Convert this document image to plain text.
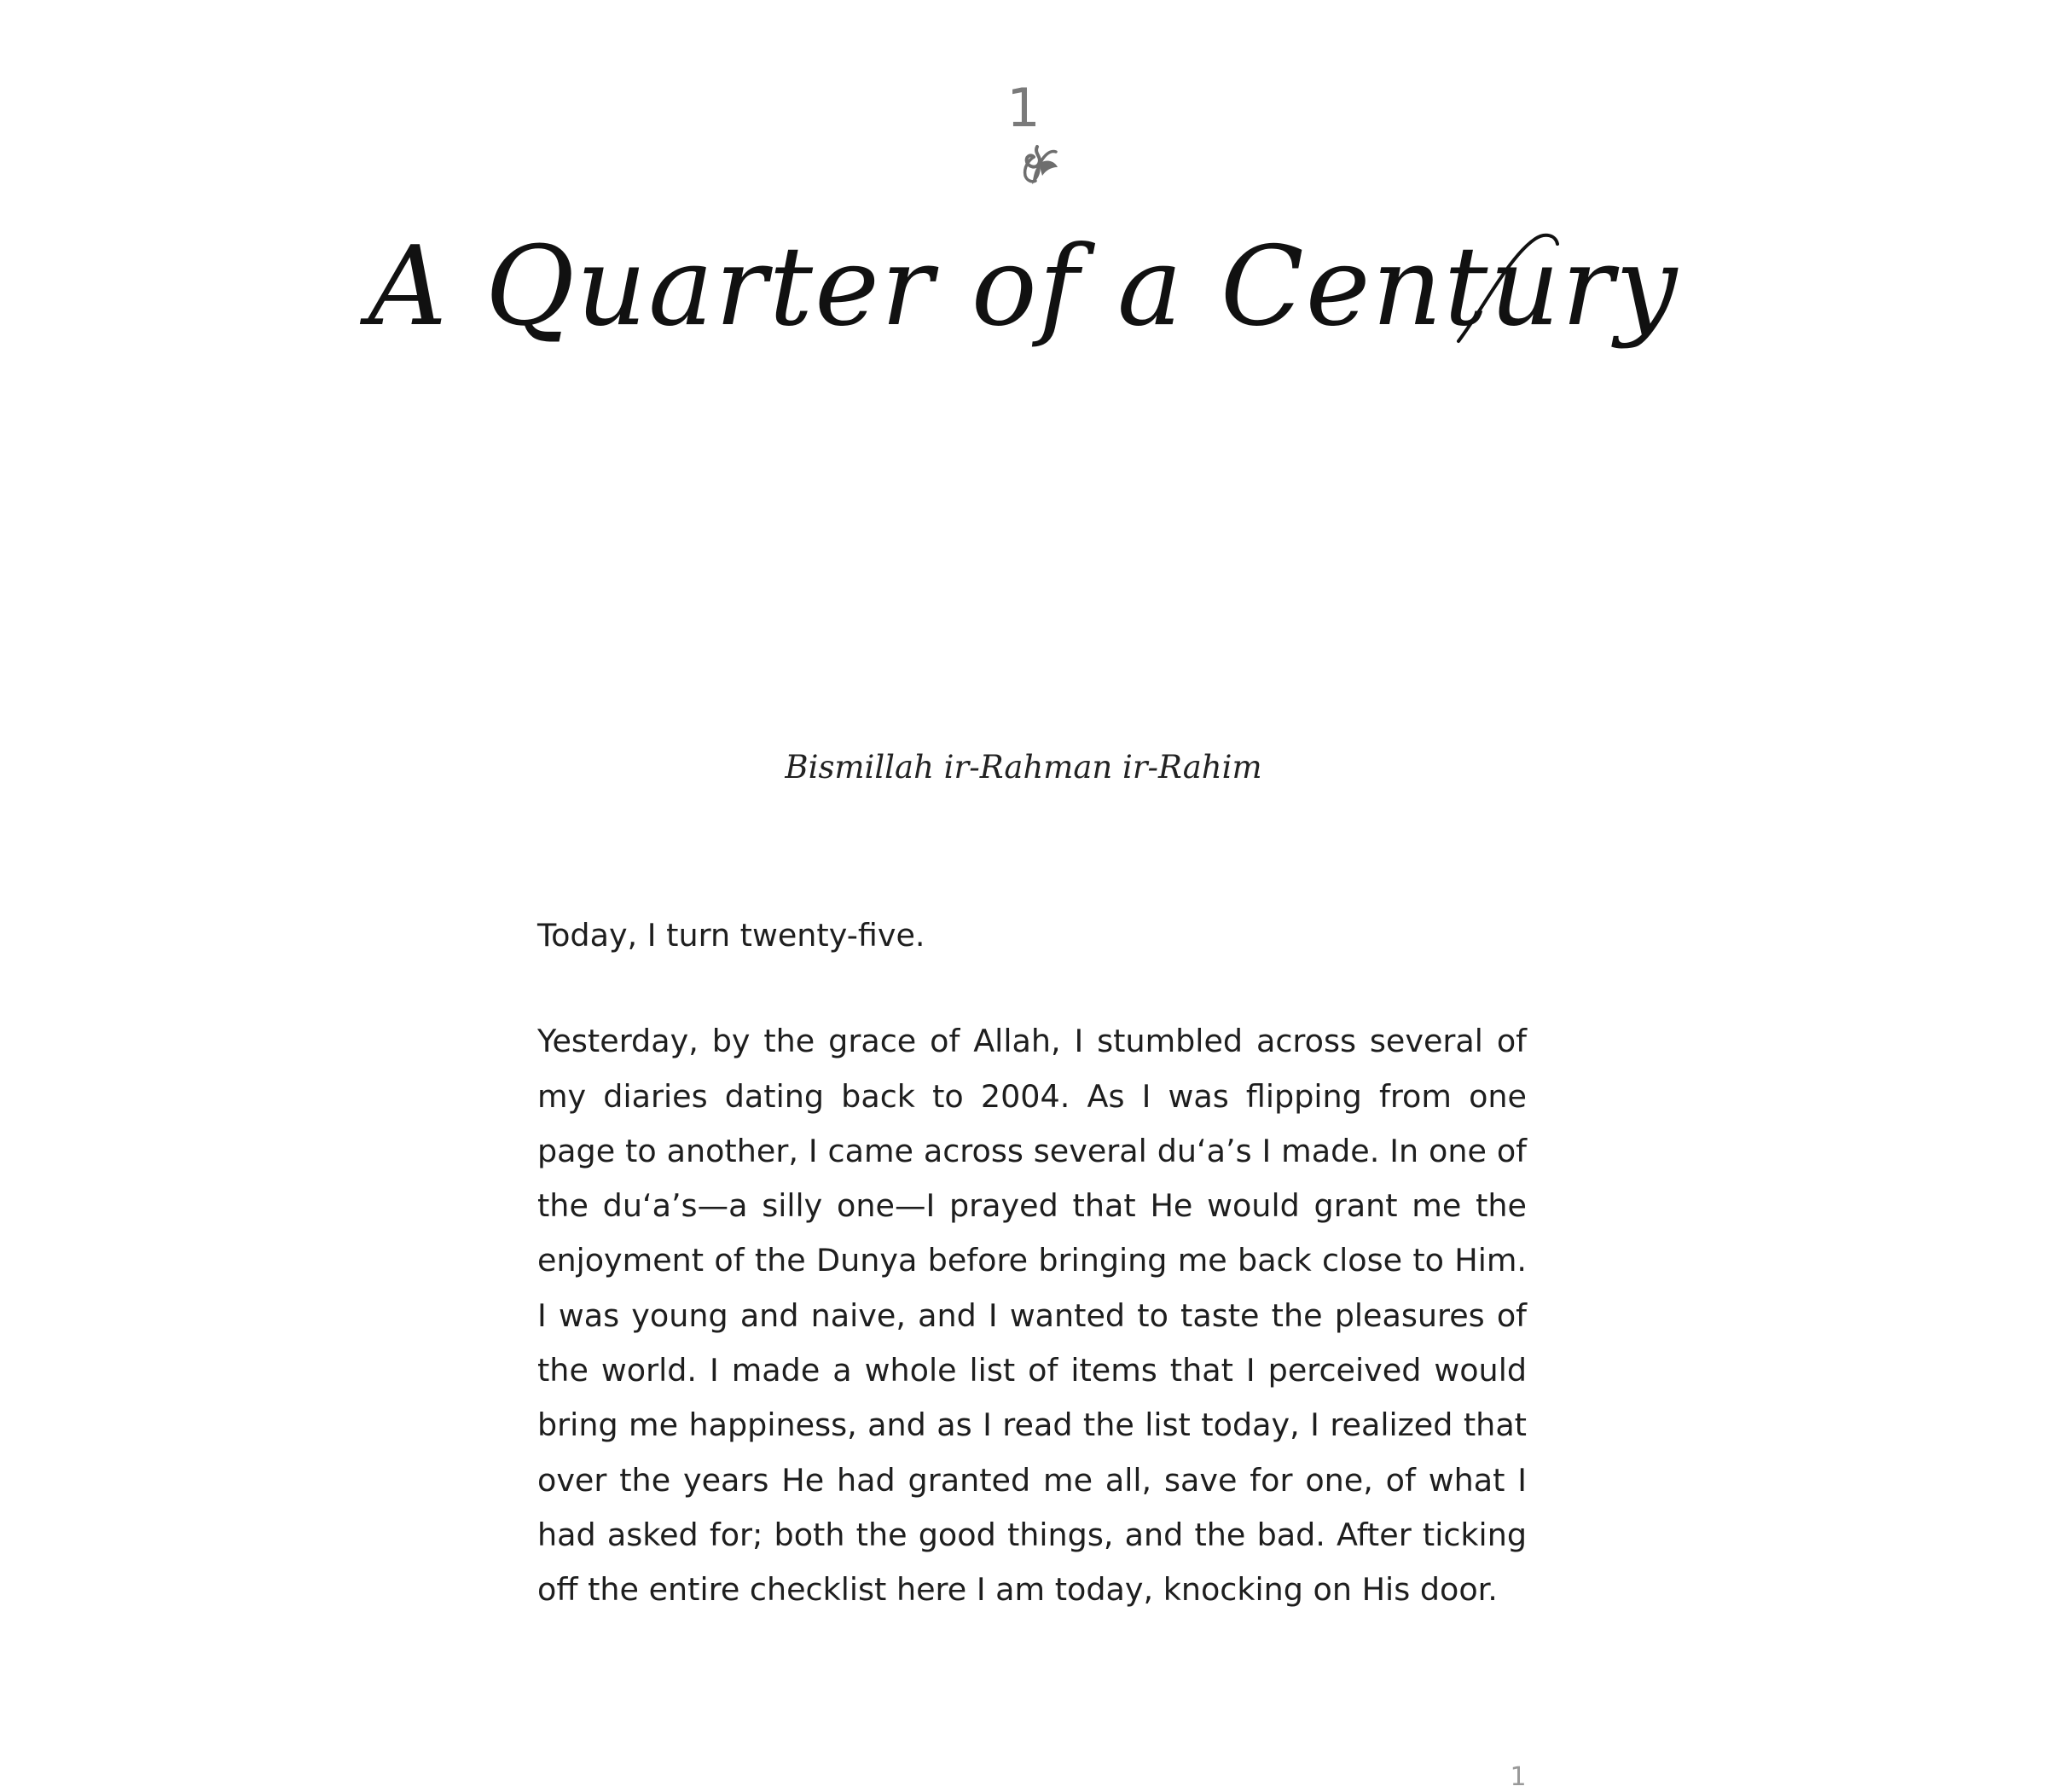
1
A Quarter of a Century
Bismillah ir-Rahman ir-Rahim

Today, I turn twenty-five.

Yesterday, by the grace of Allah, I stumbled across several of my diaries dating back to 2004. As I was flipping from one page to another, I came across several du‘a’s I made. In one of the du‘a’s—a silly one—I prayed that He would grant me the enjoyment of the Dunya before bringing me back close to Him. I was young and naive, and I wanted to taste the pleasures of the world. I made a whole list of items that I perceived would bring me happiness, and as I read the list today, I realized that over the years He had granted me all, save for one, of what I had asked for; both the good things, and the bad. After ticking off the entire checklist here I am today, knocking on His door.

1
